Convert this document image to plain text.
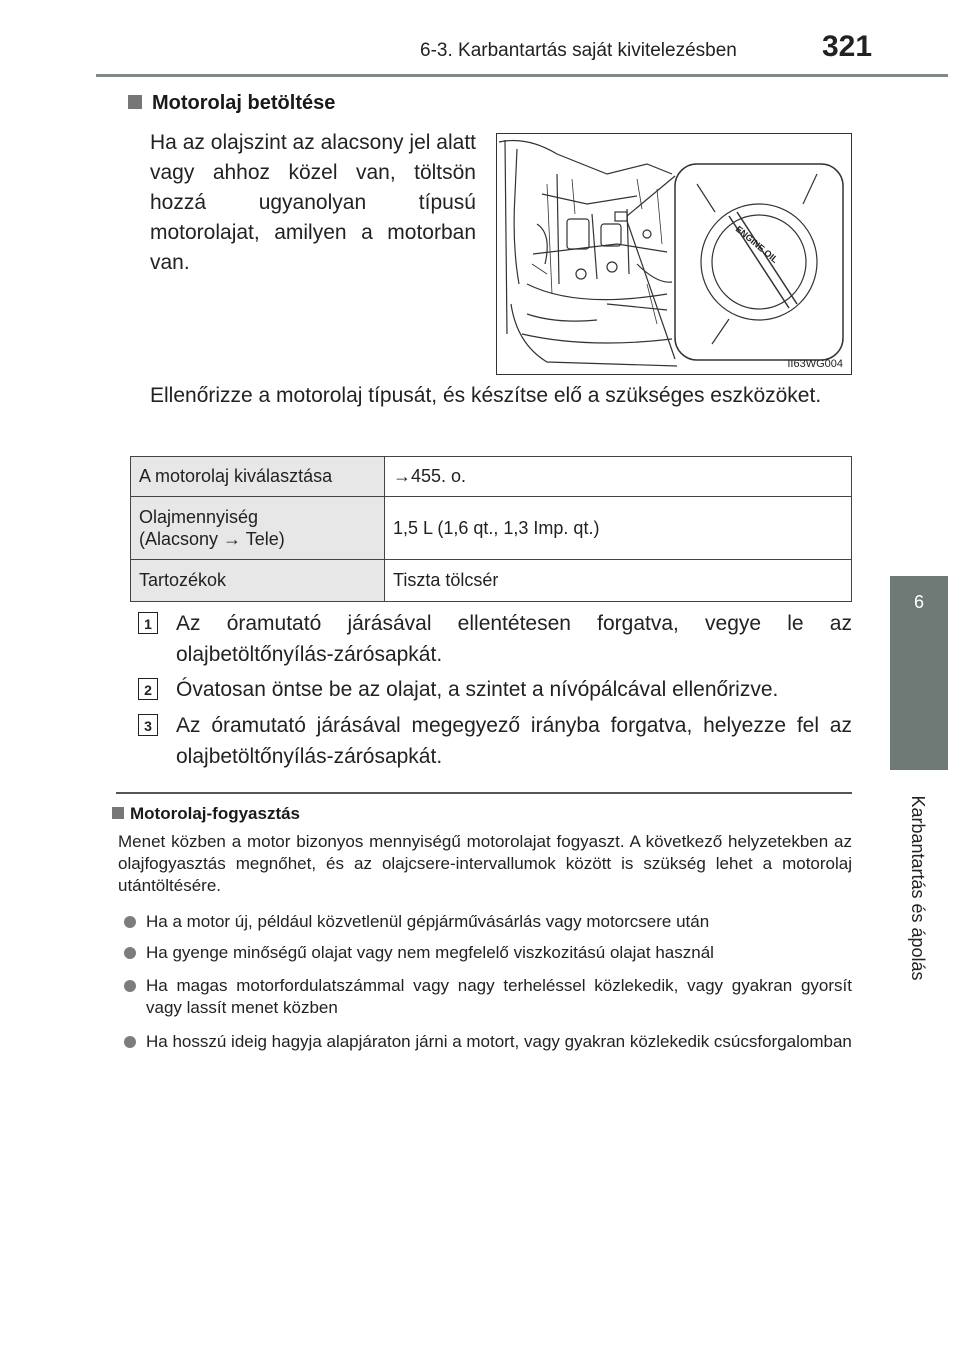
6-3. Karbantartás saját kivitelezésben	321
6
Karbantartás és ápolás
Motorolaj betöltése

Ha az olajszint az alacsony jel alatt vagy ahhoz közel van, töltsön hozzá ugyanolyan típusú motorolajat, amilyen a motorban van.	ENGINE OIL
II63WG004

Ellenőrizze a motorolaj típusát, és készítse elő a szükséges eszközöket.

A motorolaj kiválasztása	→455. o.
Olajmennyiség
(Alacsony → Tele)	1,5 L (1,6 qt., 1,3 Imp. qt.)
Tartozékok	Tiszta tölcsér
1 Az óramutató járásával ellentétesen forgatva, vegye le az olajbetöltőnyílás-zárósapkát.
2 Óvatosan öntse be az olajat, a szintet a nívópálcával ellenőrizve.
3 Az óramutató járásával megegyező irányba forgatva, helyezze fel az olajbetöltőnyílás-zárósapkát.
Motorolaj-fogyasztás

Menet közben a motor bizonyos mennyiségű motorolajat fogyaszt. A következő helyzetekben az olajfogyasztás megnőhet, és az olajcsere-intervallumok között is szükség lehet a motorolaj utántöltésére.

Ha a motor új, például közvetlenül gépjárművásárlás vagy motorcsere után
Ha gyenge minőségű olajat vagy nem megfelelő viszkozitású olajat használ
Ha magas motorfordulatszámmal vagy nagy terheléssel közlekedik, vagy gyakran gyorsít vagy lassít menet közben
Ha hosszú ideig hagyja alapjáraton járni a motort, vagy gyakran közlekedik csúcsforgalomban
